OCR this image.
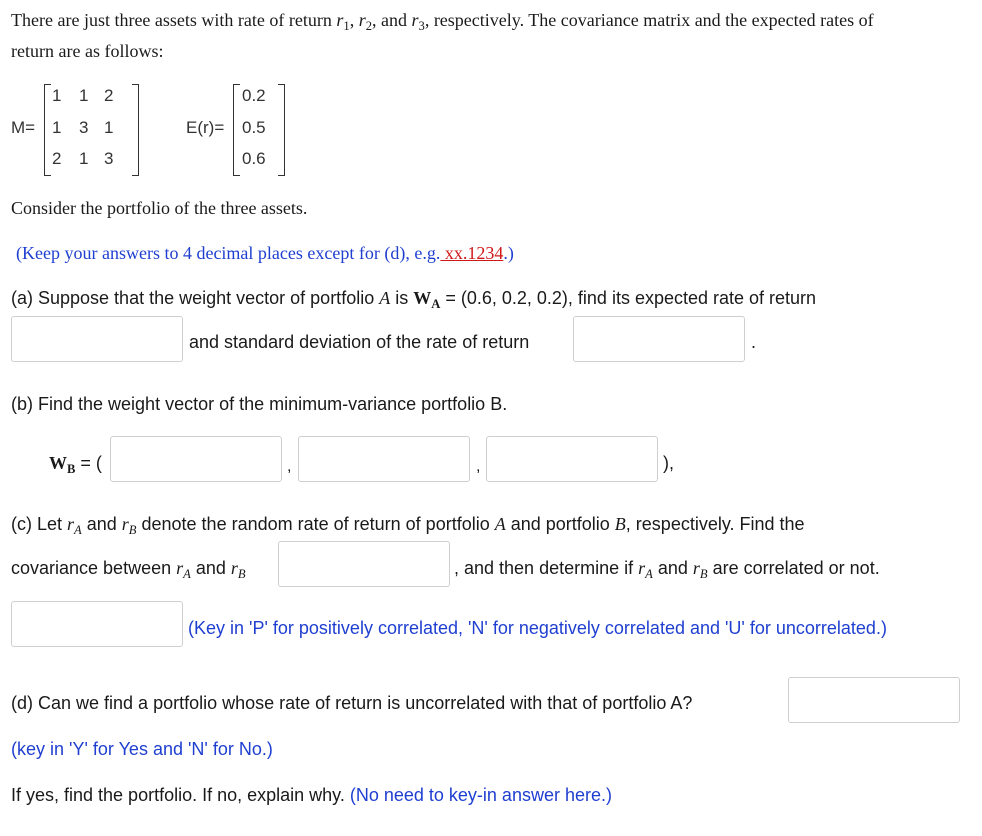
There are just three assets with rate of return $r_1$, $r_2$, and $r_3$, respectively. The covariance matrix and the expected rates of
return are as follows:
M=
1 1 2
1 3 1
2 1 3
E(r)=
0.2
0.5
0.6
Consider the portfolio of the three assets.
(Keep your answers to 4 decimal places except for (d), e.g. xx.1234.)
(a) Suppose that the weight vector of portfolio A is $W_A = (0.6$, 0.2, 0.2), find its expected rate of return
and standard deviation of the rate of return	.
(b) Find the weight vector of the minimum-variance portfolio B.
$W_B$ = (	,	,	),
(c) Let $r_A$ and $r_B$ denote the random rate of return of portfolio A and portfolio B, respectively. Find the
covariance between $r_A$ and $r_B$	, and then determine if $r_A$ and $r_B$ are correlated or not.
(Key in 'P' for positively correlated, 'N' for negatively correlated and 'U' for uncorrelated.)
(d) Can we find a portfolio whose rate of return is uncorrelated with that of portfolio A?
(key in 'Y' for Yes and 'N' for No.)
If yes, find the portfolio. If no, explain why. (No need to key-in answer here.)
